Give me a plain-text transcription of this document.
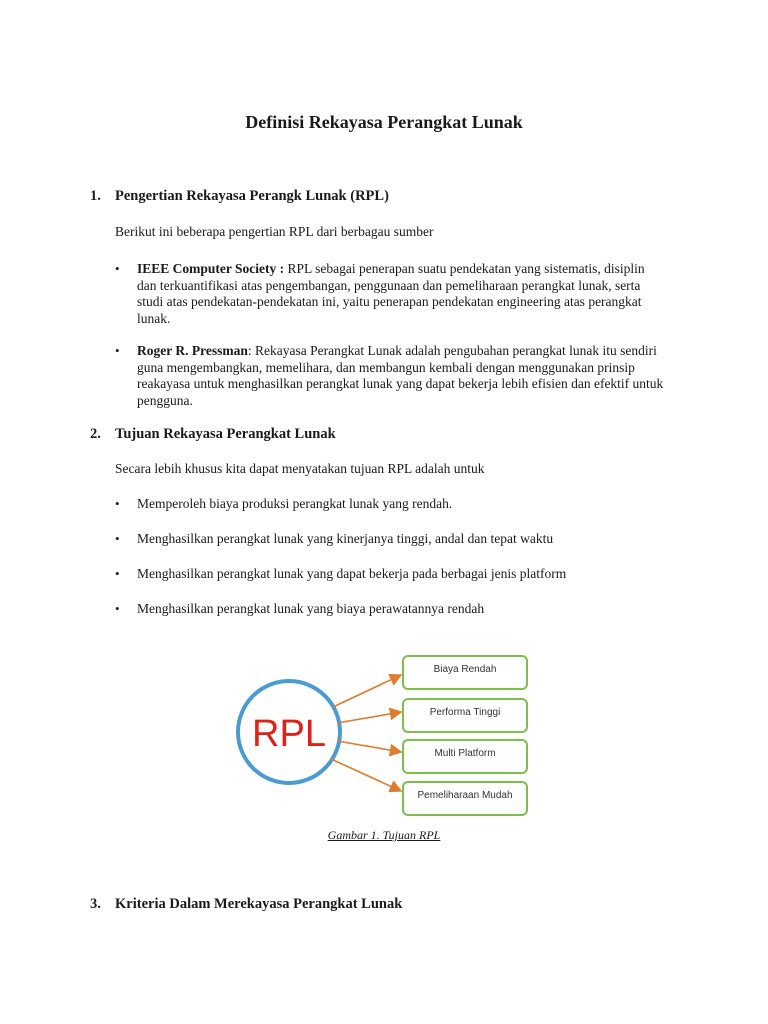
Definisi Rekayasa Perangkat Lunak
1. Pengertian Rekayasa Perangk Lunak (RPL)
Berikut ini beberapa pengertian RPL dari berbagau sumber
• IEEE Computer Society : RPL sebagai penerapan suatu pendekatan yang sistematis, disiplin
dan terkuantifikasi atas pengembangan, penggunaan dan pemeliharaan perangkat lunak, serta
studi atas pendekatan-pendekatan ini, yaitu penerapan pendekatan engineering atas perangkat
lunak.
• Roger R. Pressman: Rekayasa Perangkat Lunak adalah pengubahan perangkat lunak itu sendiri
guna mengembangkan, memelihara, dan membangun kembali dengan menggunakan prinsip
reakayasa untuk menghasilkan perangkat lunak yang dapat bekerja lebih efisien dan efektif untuk
pengguna.
2. Tujuan Rekayasa Perangkat Lunak
Secara lebih khusus kita dapat menyatakan tujuan RPL adalah untuk
• Memperoleh biaya produksi perangkat lunak yang rendah.
• Menghasilkan perangkat lunak yang kinerjanya tinggi, andal dan tepat waktu
• Menghasilkan perangkat lunak yang dapat bekerja pada berbagai jenis platform
• Menghasilkan perangkat lunak yang biaya perawatannya rendah
RPL
Biaya Rendah
Performa Tinggi
Multi Platform
Pemeliharaan Mudah
Gambar 1. Tujuan RPL
3. Kriteria Dalam Merekayasa Perangkat Lunak
